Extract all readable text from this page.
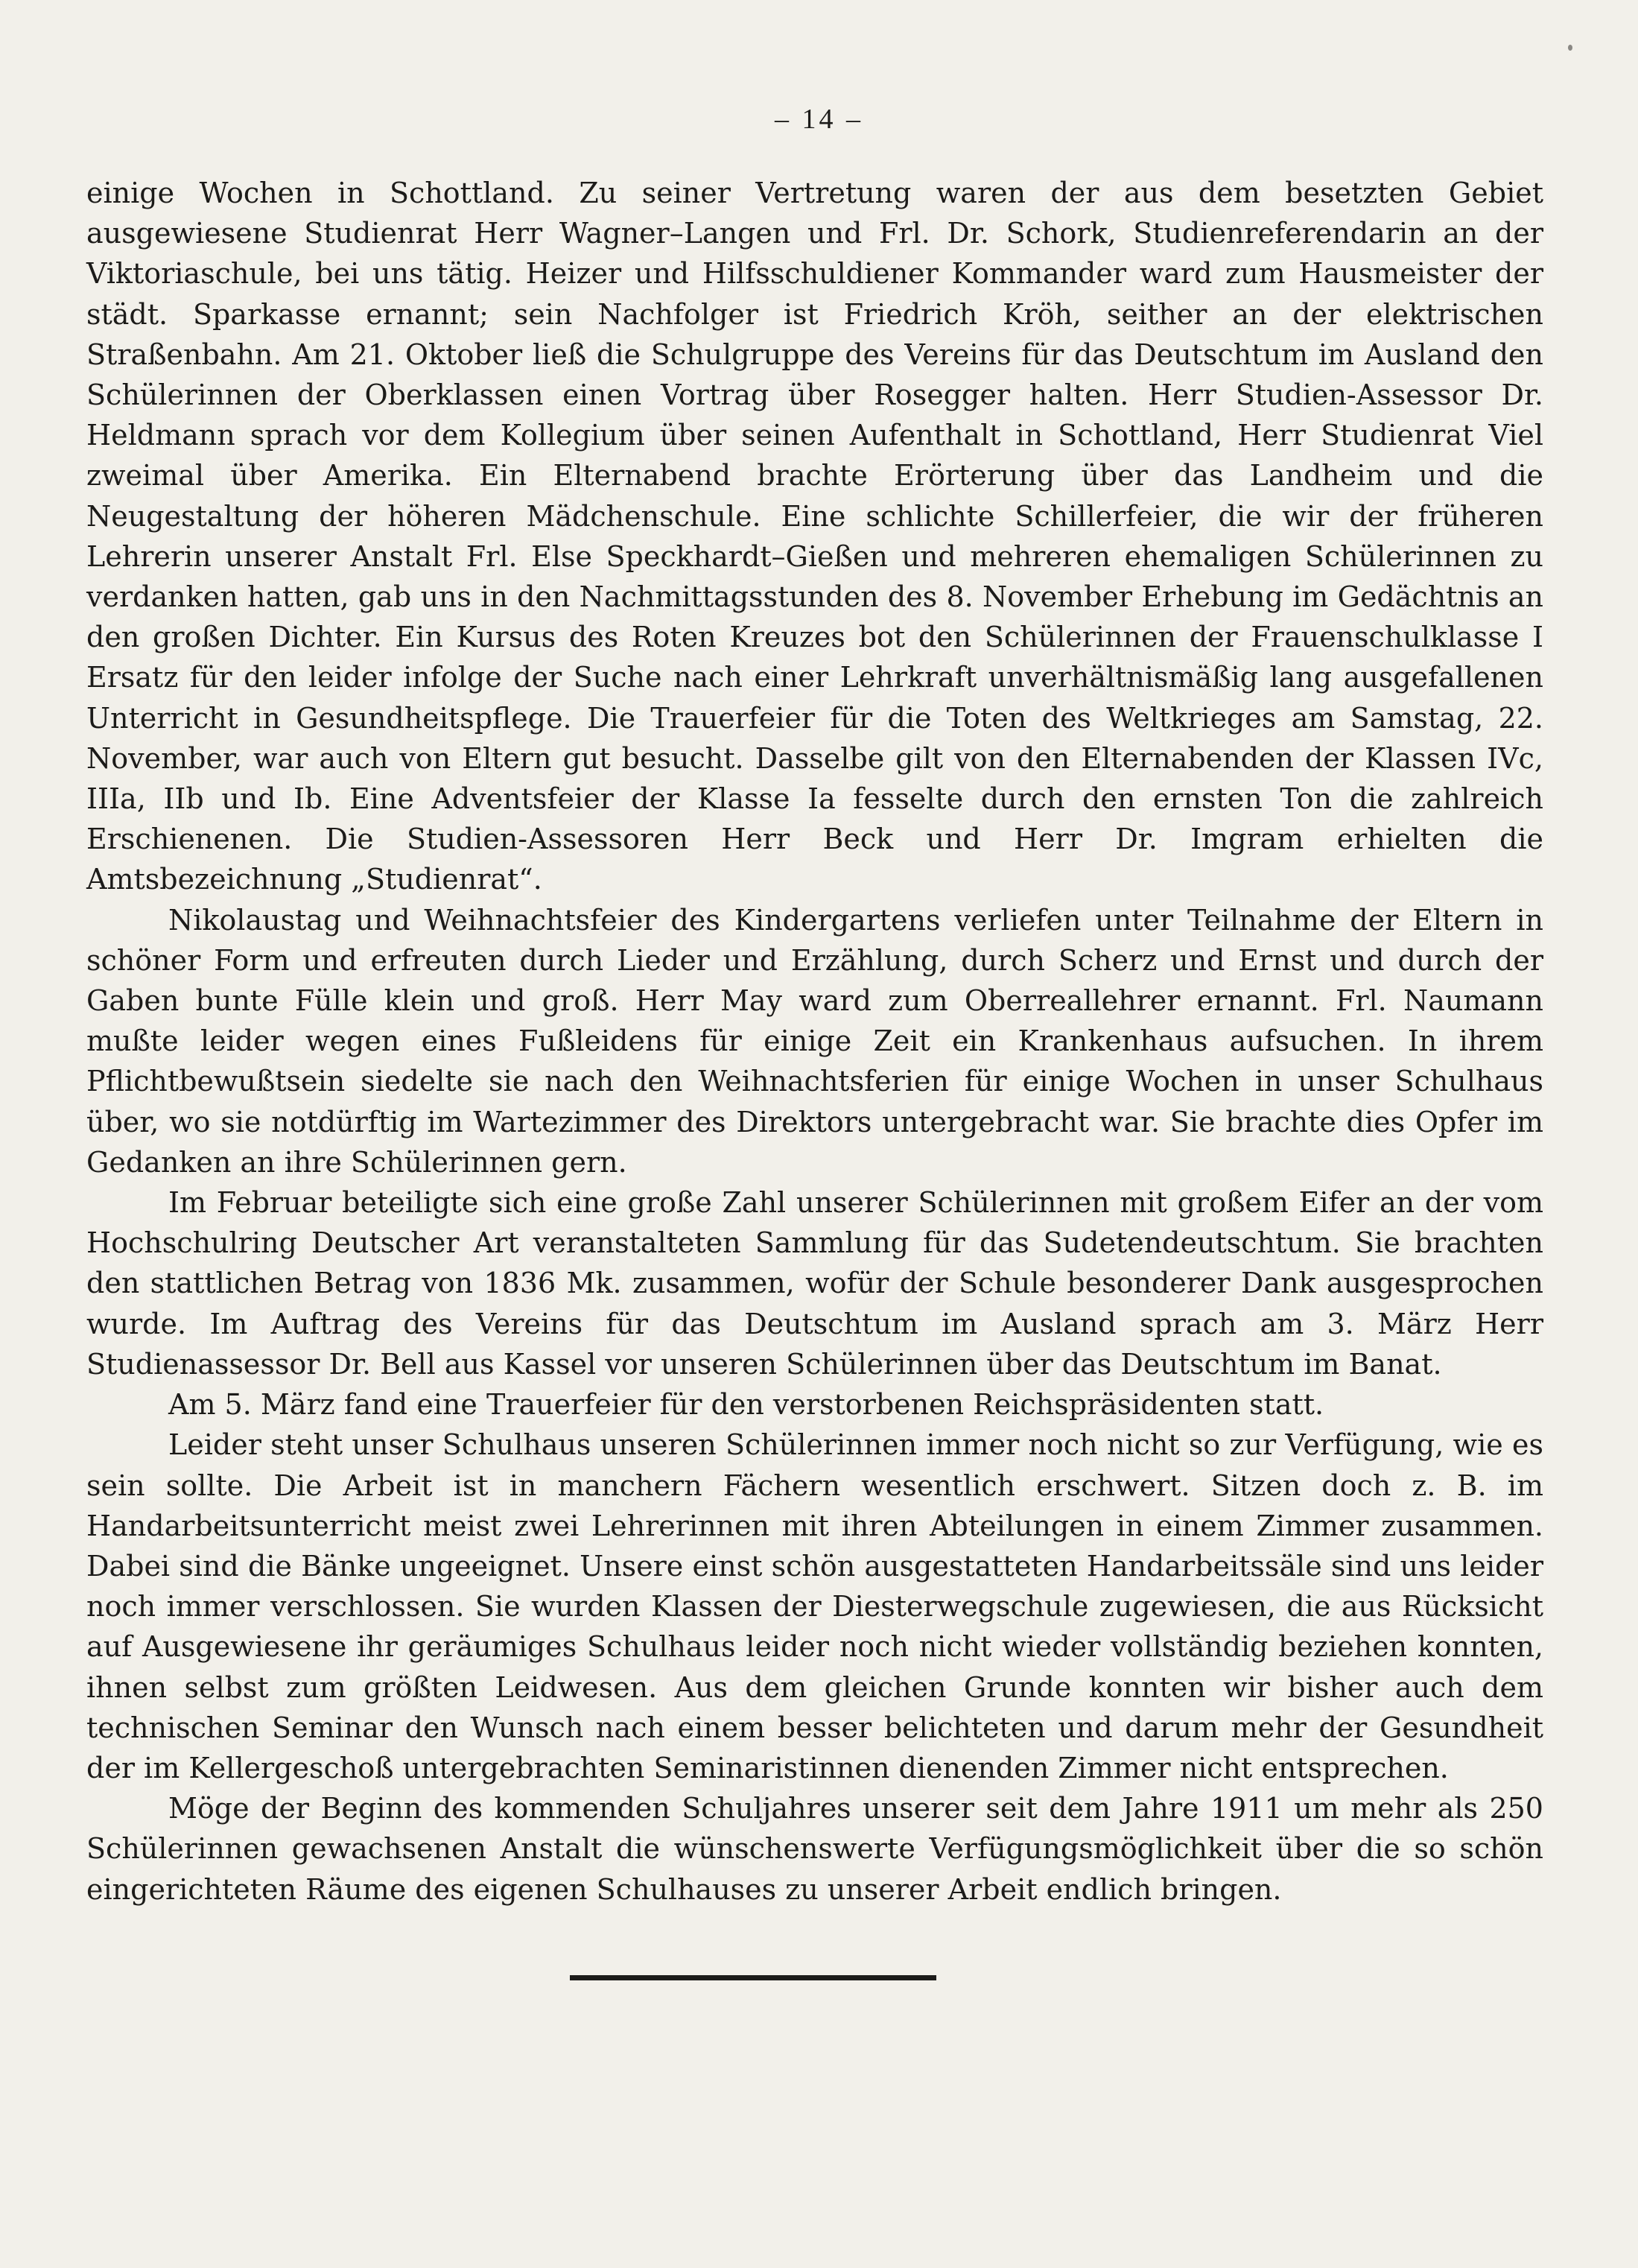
– 14 –

einige Wochen in Schottland. Zu seiner Vertretung waren der aus dem besetzten Gebiet ausgewiesene Studienrat Herr Wagner–Langen und Frl. Dr. Schork, Studienreferendarin an der Viktoriaschule, bei uns tätig. Heizer und Hilfsschuldiener Kommander ward zum Hausmeister der städt. Sparkasse ernannt; sein Nachfolger ist Friedrich Kröh, seither an der elektrischen Straßenbahn. Am 21. Oktober ließ die Schulgruppe des Vereins für das Deutschtum im Ausland den Schülerinnen der Oberklassen einen Vortrag über Rosegger halten. Herr Studien-Assessor Dr. Heldmann sprach vor dem Kollegium über seinen Aufenthalt in Schottland, Herr Studienrat Viel zweimal über Amerika. Ein Elternabend brachte Erörterung über das Landheim und die Neugestaltung der höheren Mädchenschule. Eine schlichte Schillerfeier, die wir der früheren Lehrerin unserer Anstalt Frl. Else Speckhardt–Gießen und mehreren ehemaligen Schülerinnen zu verdanken hatten, gab uns in den Nachmittagsstunden des 8. November Erhebung im Gedächtnis an den großen Dichter. Ein Kursus des Roten Kreuzes bot den Schülerinnen der Frauenschulklasse I Ersatz für den leider infolge der Suche nach einer Lehrkraft unverhältnismäßig lang ausgefallenen Unterricht in Gesundheitspflege. Die Trauerfeier für die Toten des Weltkrieges am Samstag, 22. November, war auch von Eltern gut besucht. Dasselbe gilt von den Elternabenden der Klassen IVc, IIIa, IIb und Ib. Eine Adventsfeier der Klasse Ia fesselte durch den ernsten Ton die zahlreich Erschienenen. Die Studien-Assessoren Herr Beck und Herr Dr. Imgram erhielten die Amtsbezeichnung „Studienrat“.

Nikolaustag und Weihnachtsfeier des Kindergartens verliefen unter Teilnahme der Eltern in schöner Form und erfreuten durch Lieder und Erzählung, durch Scherz und Ernst und durch der Gaben bunte Fülle klein und groß. Herr May ward zum Oberreallehrer ernannt. Frl. Naumann mußte leider wegen eines Fußleidens für einige Zeit ein Krankenhaus aufsuchen. In ihrem Pflichtbewußtsein siedelte sie nach den Weihnachtsferien für einige Wochen in unser Schulhaus über, wo sie notdürftig im Wartezimmer des Direktors untergebracht war. Sie brachte dies Opfer im Gedanken an ihre Schülerinnen gern.

Im Februar beteiligte sich eine große Zahl unserer Schülerinnen mit großem Eifer an der vom Hochschulring Deutscher Art veranstalteten Sammlung für das Sudetendeutschtum. Sie brachten den stattlichen Betrag von 1836 Mk. zusammen, wofür der Schule besonderer Dank ausgesprochen wurde. Im Auftrag des Vereins für das Deutschtum im Ausland sprach am 3. März Herr Studienassessor Dr. Bell aus Kassel vor unseren Schülerinnen über das Deutschtum im Banat.

Am 5. März fand eine Trauerfeier für den verstorbenen Reichspräsidenten statt.

Leider steht unser Schulhaus unseren Schülerinnen immer noch nicht so zur Verfügung, wie es sein sollte. Die Arbeit ist in manchern Fächern wesentlich erschwert. Sitzen doch z. B. im Handarbeitsunterricht meist zwei Lehrerinnen mit ihren Abteilungen in einem Zimmer zusammen. Dabei sind die Bänke ungeeignet. Unsere einst schön ausgestatteten Handarbeitssäle sind uns leider noch immer verschlossen. Sie wurden Klassen der Diesterwegschule zugewiesen, die aus Rücksicht auf Ausgewiesene ihr geräumiges Schulhaus leider noch nicht wieder vollständig beziehen konnten, ihnen selbst zum größten Leidwesen. Aus dem gleichen Grunde konnten wir bisher auch dem technischen Seminar den Wunsch nach einem besser belichteten und darum mehr der Gesundheit der im Kellergeschoß untergebrachten Seminaristinnen dienenden Zimmer nicht entsprechen.

Möge der Beginn des kommenden Schuljahres unserer seit dem Jahre 1911 um mehr als 250 Schülerinnen gewachsenen Anstalt die wünschenswerte Verfügungsmöglichkeit über die so schön eingerichteten Räume des eigenen Schulhauses zu unserer Arbeit endlich bringen.
